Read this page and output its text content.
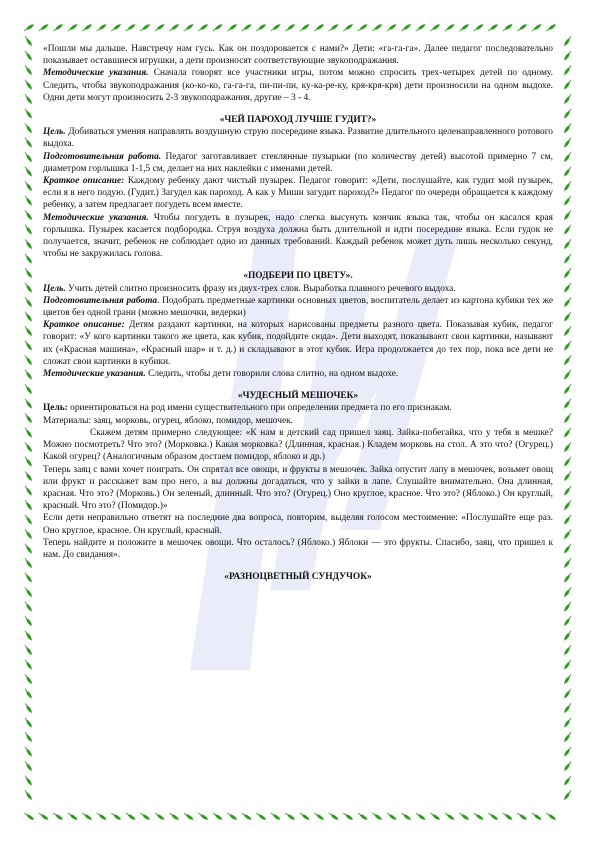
«Пошли мы дальше. Навстречу нам гусь. Как он поздоровается с нами?» Дети: «га-га-га». Далее педагог последовательно показывает оставшиеся игрушки, а дети произносят соответствующие звукоподражания.

Методические указания. Сначала говорят все участники игры, потом можно спросить трех-четырех детей по одному. Следить, чтобы звукоподражания (ко-ко-ко, га-га-га, пи-пи-пи, ку-ка-ре-ку, кря-кря-кря) дети произносили на одном выдохе. Одни дети могут произносить 2-3 звукоподражания, другие – 3 - 4.

«ЧЕЙ ПАРОХОД ЛУЧШЕ ГУДИТ?»

Цель. Добиваться умения направлять воздушную струю посередине языка. Развитие длительного целенаправленного ротового выдоха.

Подготовительная работа. Педагог заготавливает стеклянные пузырьки (по количеству детей) высотой примерно 7 см, диаметром горлышка 1-1,5 см, делает на них наклейки с именами детей.

Краткое описание: Каждому ребенку дают чистый пузырек. Педагог говорит: «Дети, послушайте, как гудит мой пузырек, если я в него подую. (Гудит.) Загудел как пароход. А как у Миши загудит пароход?» Педагог по очереди обращается к каждому ребенку, а затем предлагает погудеть всем вместе.

Методические указания. Чтобы погудеть в пузырек, надо слегка высунуть кончик языка так, чтобы он касался края горлышка. Пузырек касается подбородка. Струя воздуха должна быть длительной и идти посередине языка. Если гудок не получается, значит, ребенок не соблюдает одно из данных требований. Каждый ребенок может дуть лишь несколько секунд, чтобы не закружилась голова.

«ПОДБЕРИ ПО ЦВЕТУ».

Цель. Учить детей слитно произносить фразу из двух-трех слов. Выработка плавного речевого выдоха.

Подготовительная работа. Подобрать предметные картинки основных цветов, воспитатель делает из картона кубики тех же цветов без одной грани (можно мешочки, ведерки)

Краткое описание: Детям раздают картинки, на которых нарисованы предметы разного цвета. Показывая кубик, педагог говорит: «У кого картинки такого же цвета, как кубик, подойдите сюда». Дети выходят, показывают свои картинки, называют их («Красная машина», «Красный шар» и т. д.) и складывают в этот кубик. Игра продолжается до тех пор, пока все дети не сложат свои картинки в кубики.

Методические указания. Следить, чтобы дети говорили слова слитно, на одном выдохе.

«ЧУДЕСНЫЙ МЕШОЧЕК»

Цель: ориентироваться на род имени существительного при определении предмета по его признакам.

Материалы: заяц, морковь, огурец, яблоко, помидор, мешочек.

Скажем детям примерно следующее: «К нам в детский сад пришел заяц. Зайка-побегайка, что у тебя в мешке? Можно посмотреть? Что это? (Морковка.) Какая морковка? (Длинная, красная.) Кладем морковь на стол. А это что? (Огурец.) Какой огурец? (Аналогичным образом достаем помидор, яблоко и др.)

Теперь заяц с вами хочет поиграть. Он спрятал все овощи, и фрукты в мешочек. Зайка опустит лапу в мешочек, возьмет овощ или фрукт и расскажет вам про него, а вы должны догадаться, что у зайки в лапе. Слушайте внимательно. Она длинная, красная. Что это? (Морковь.) Он зеленый, длинный. Что это? (Огурец.) Оно круглое, красное. Что это? (Яблоко.) Он круглый, красный. Что это? (Помидор.)»

Если дети неправильно ответят на последние два вопроса, повторим, выделяя голосом местоимение: «Послушайте еще раз. Оно круглое, красное. Он круглый, красный.

Теперь найдите и положите в мешочек овощи. Что осталось? (Яблоко.) Яблоки — это фрукты. Спасибо, заяц, что пришел к нам. До свидания».

«РАЗНОЦВЕТНЫЙ СУНДУЧОК»
